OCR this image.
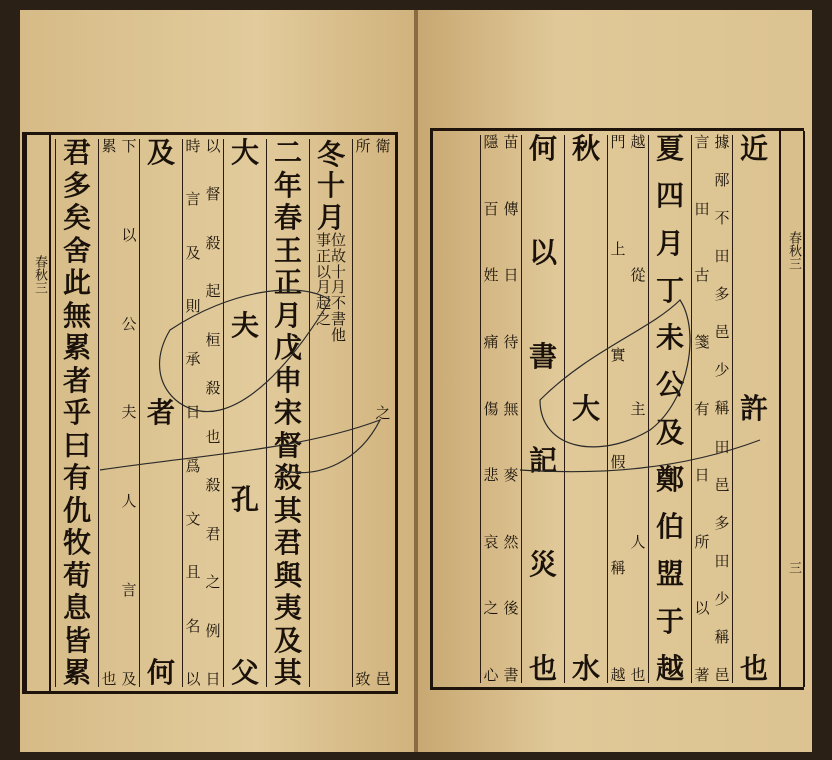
春秋三
所
致
衛
之
邑
冬
十
月
位
故
十
月
不
書
他
事
正
以
月
起
之
二
年
春
王
正
月
戊
申
宋
督
殺
其
君
與
夷
及
其
大
夫
孔
父
時
言
及
則
承
日
爲
文
且
名
以
以
督
殺
起
桓
殺
也
殺
君
之
例
日
及
者
何
累
也
下
以
公
夫
人
言
及
君
多
矣
舍
此
無
累
者
乎
曰
有
仇
牧
荀
息
皆
累
春秋三
三
近
許
也
言
田
古
箋
有
日
所
以
著
據
邴
不
田
多
邑
少
稱
田
邑
多
田
少
稱
邑
夏
四
月
丁
未
公
及
鄭
伯
盟
于
越
門
上
實
假
稱
越
越
從
主
人
也
秋
大
水
何
以
書
記
災
也
隱
百
姓
痛
傷
悲
哀
之
心
苗
傳
日
待
無
麥
然
後
書
